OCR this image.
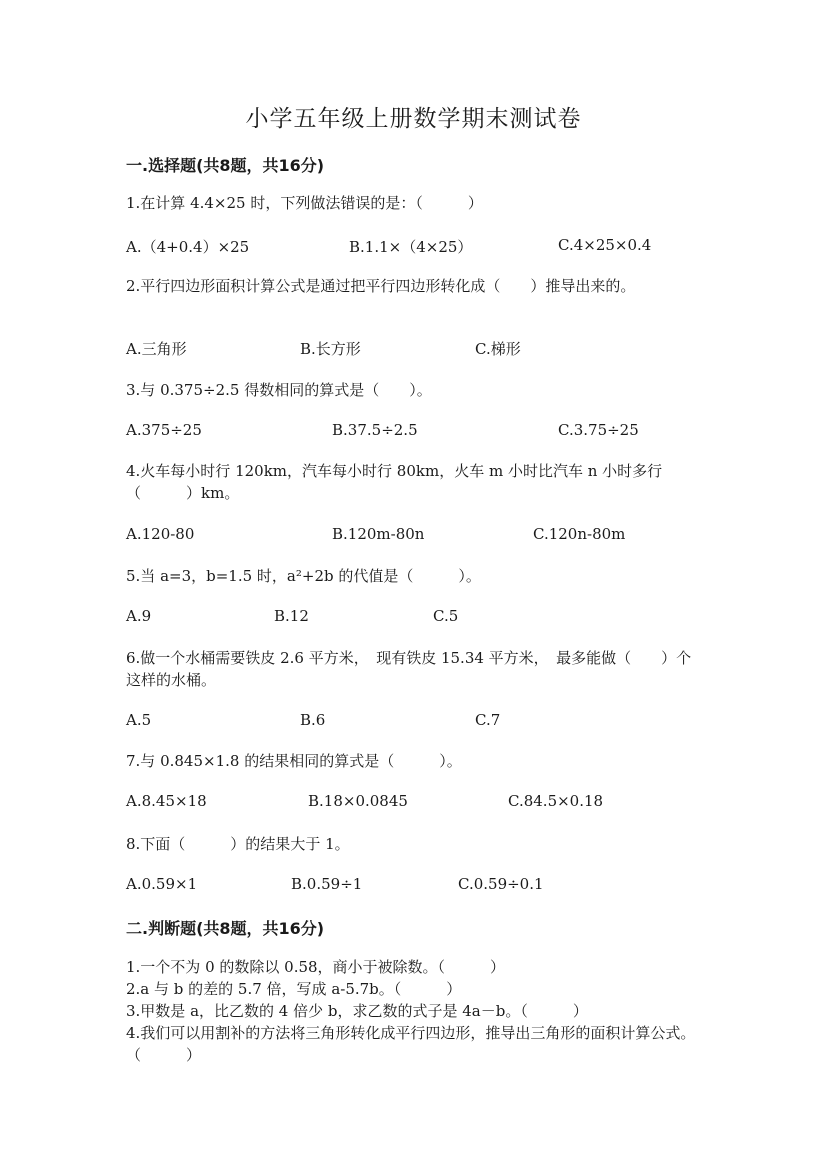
小学五年级上册数学期末测试卷
一.选择题(共8题，共16分)
1.在计算 4.4×25 时，下列做法错误的是：（　　　）
A.（4+0.4）×25	B.1.1×（4×25）	C.4×25×0.4
2.平行四边形面积计算公式是通过把平行四边形转化成（　　）推导出来的。
A.三角形	B.长方形	C.梯形
3.与 0.375÷2.5 得数相同的算式是（　　）。
A.375÷25	B.37.5÷2.5	C.3.75÷25
4.火车每小时行 120km，汽车每小时行 80km，火车 m 小时比汽车 n 小时多行（　　　）km。
A.120-80	B.120m-80n	C.120n-80m
5.当 a=3，b=1.5 时，a²+2b 的代值是（　　　）。
A.9	B.12	C.5
6.做一个水桶需要铁皮 2.6 平方米，　现有铁皮 15.34 平方米，　最多能做（　　）个这样的水桶。
A.5	B.6	C.7
7.与 0.845×1.8 的结果相同的算式是（　　　）。
A.8.45×18	B.18×0.0845	C.84.5×0.18
8.下面（　　　）的结果大于 1。
A.0.59×1	B.0.59÷1	C.0.59÷0.1
二.判断题(共8题，共16分)
1.一个不为 0 的数除以 0.58，商小于被除数。（　　　）
2.a 与 b 的差的 5.7 倍，写成 a-5.7b。（　　　）
3.甲数是 a，比乙数的 4 倍少 b，求乙数的式子是 4a－b。（　　　）
4.我们可以用割补的方法将三角形转化成平行四边形，推导出三角形的面积计算公式。（　　　）
